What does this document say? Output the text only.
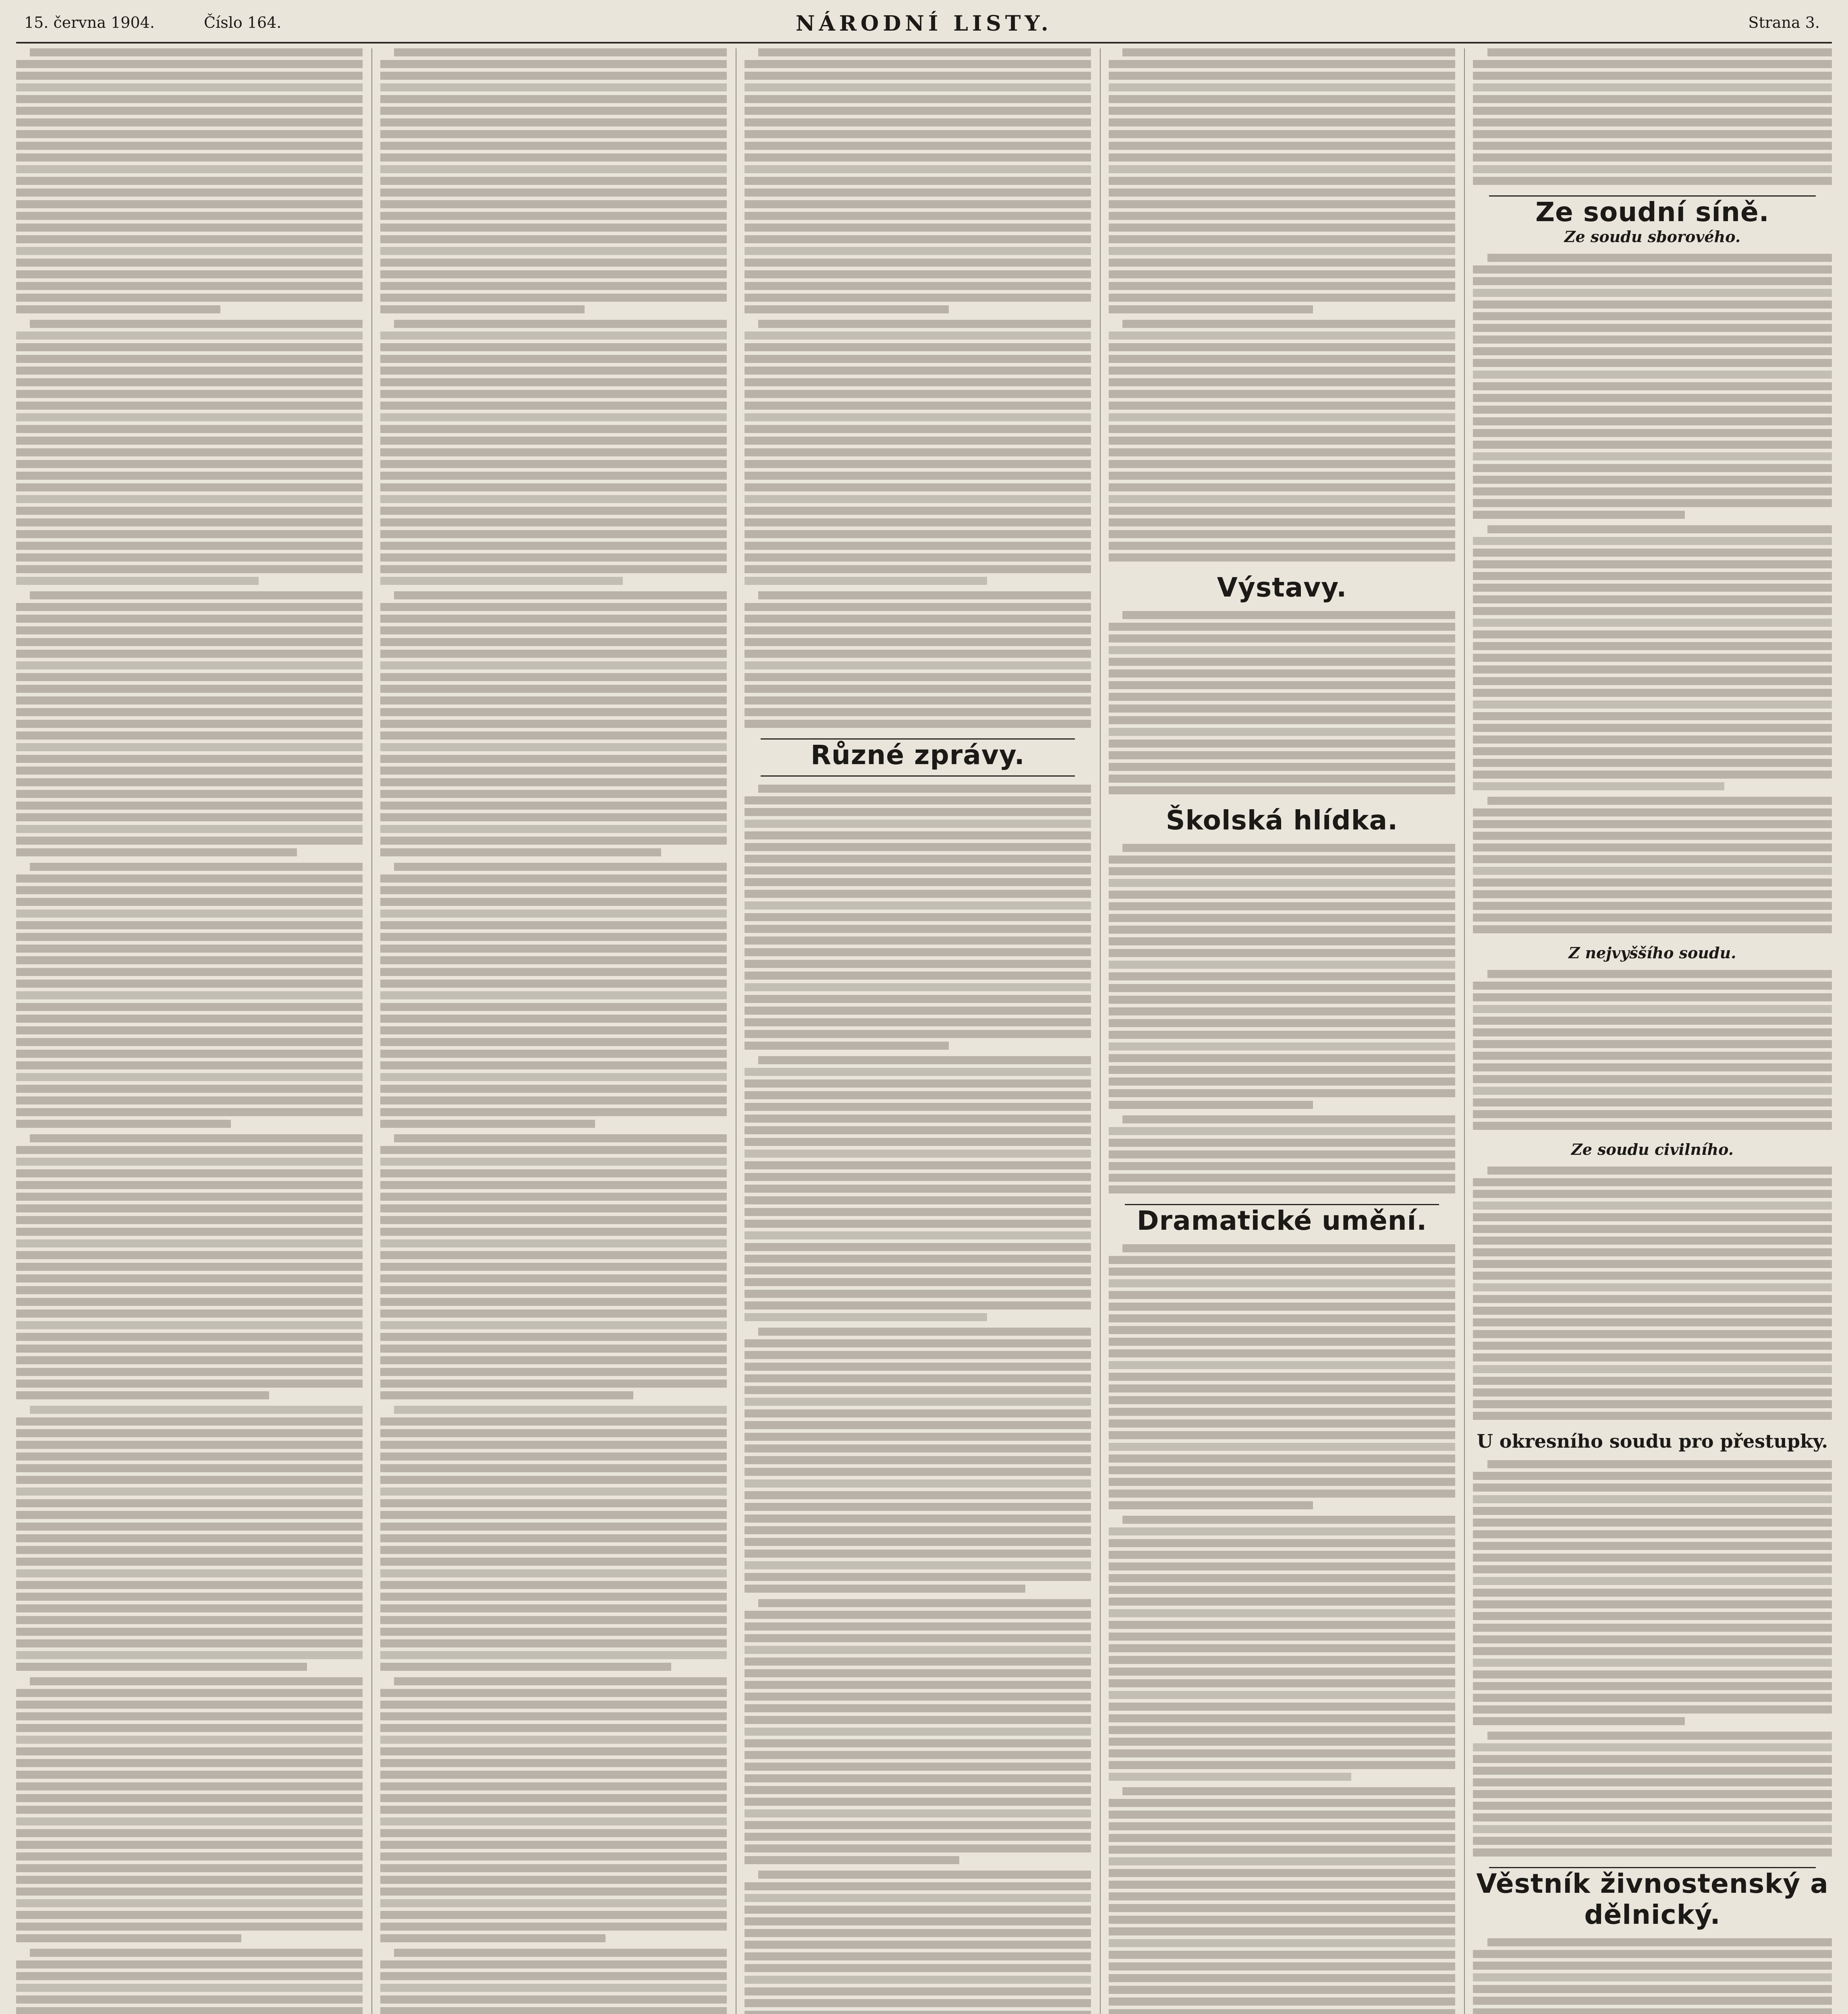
15. června 1904.	Číslo 164.	NÁRODNÍ LISTY.	Strana 3.
Různé zprávy.
Výstavy.
Školská hlídka.
Dramatické umění.
Ze soudní síně.
Ze soudu sborového.
Z nejvyššího soudu.
Ze soudu civilního.
U okresního soudu pro přestupky.
Věstník živnostenský a dělnický.
